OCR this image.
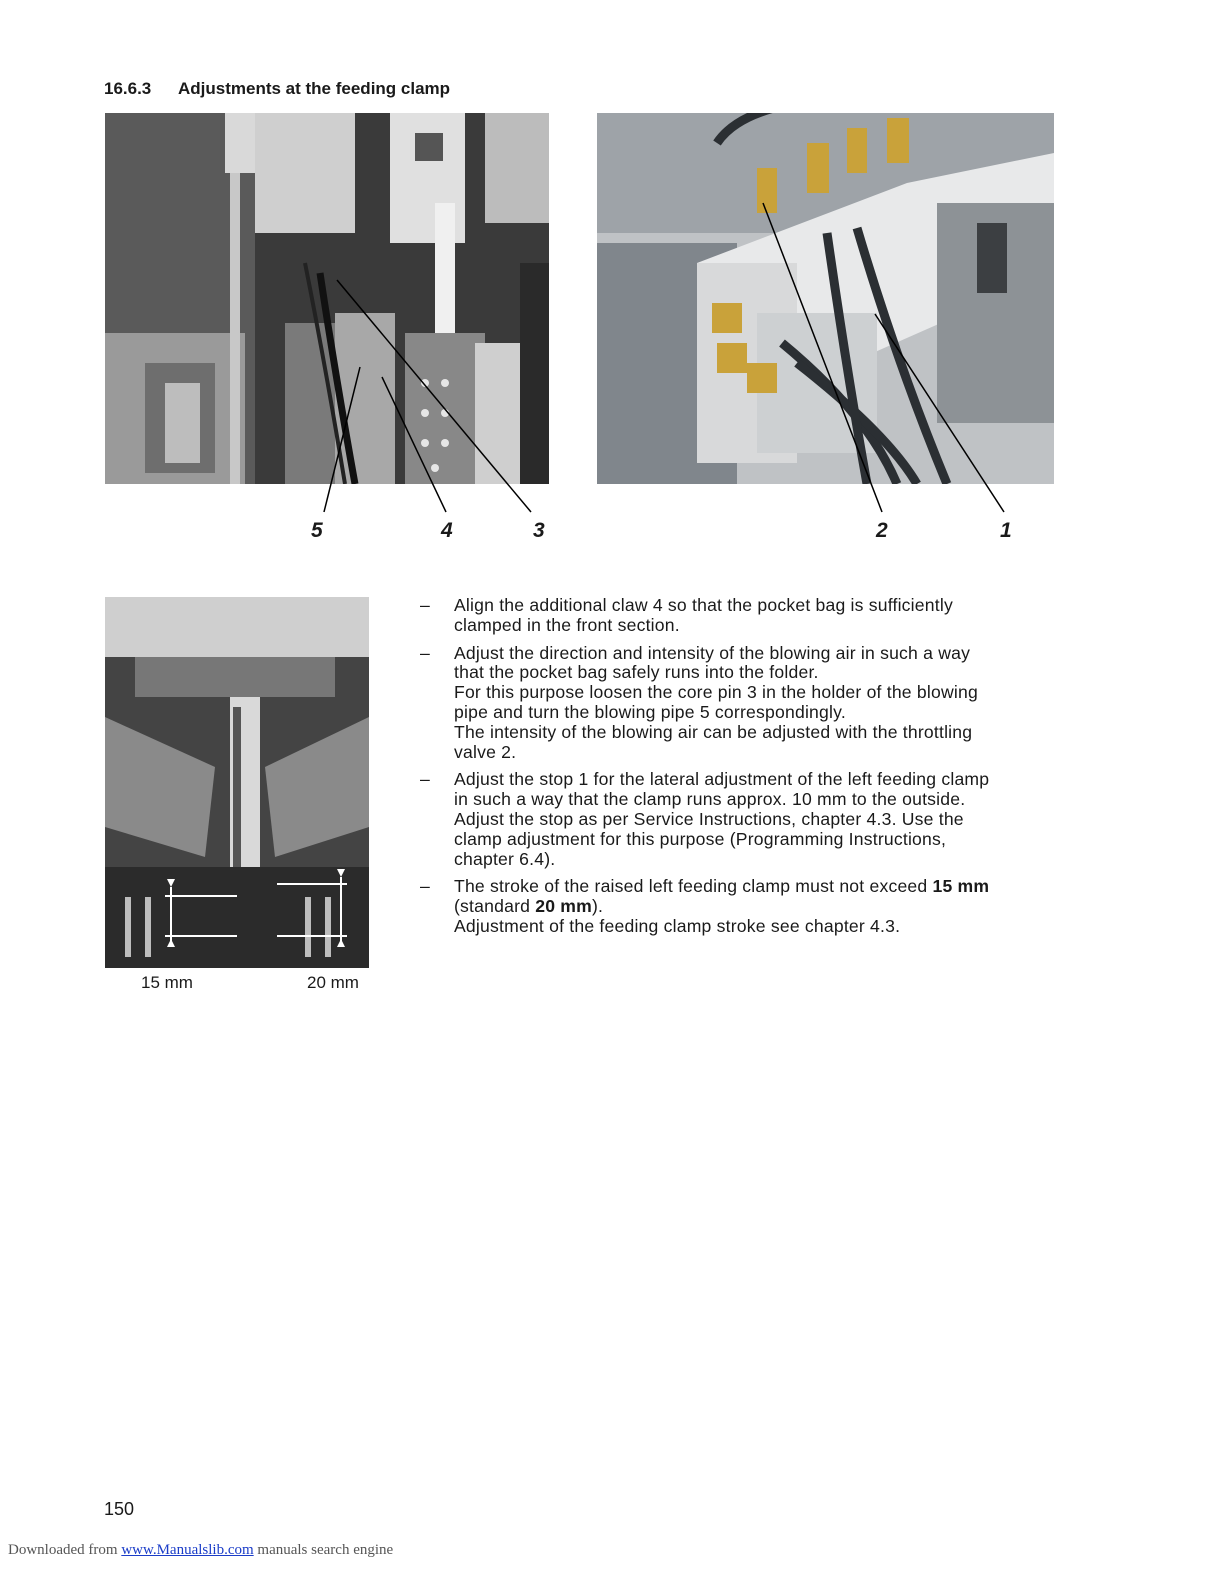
16.6.3 Adjustments at the feeding clamp
5	4	3	2	1
15 mm	20 mm
– Align the additional claw 4 so that the pocket bag is sufficiently
clamped in the front section.
– Adjust the direction and intensity of the blowing air in such a way
that the pocket bag safely runs into the folder.
For this purpose loosen the core pin 3 in the holder of the blowing
pipe and turn the blowing pipe 5 correspondingly.
The intensity of the blowing air can be adjusted with the throttling
valve 2.
– Adjust the stop 1 for the lateral adjustment of the left feeding clamp
in such a way that the clamp runs approx. 10 mm to the outside.
Adjust the stop as per Service Instructions, chapter 4.3. Use the
clamp adjustment for this purpose (Programming Instructions,
chapter 6.4).
– The stroke of the raised left feeding clamp must not exceed 15 mm
(standard 20 mm).
Adjustment of the feeding clamp stroke see chapter 4.3.
150
Downloaded from www.Manualslib.com manuals search engine
